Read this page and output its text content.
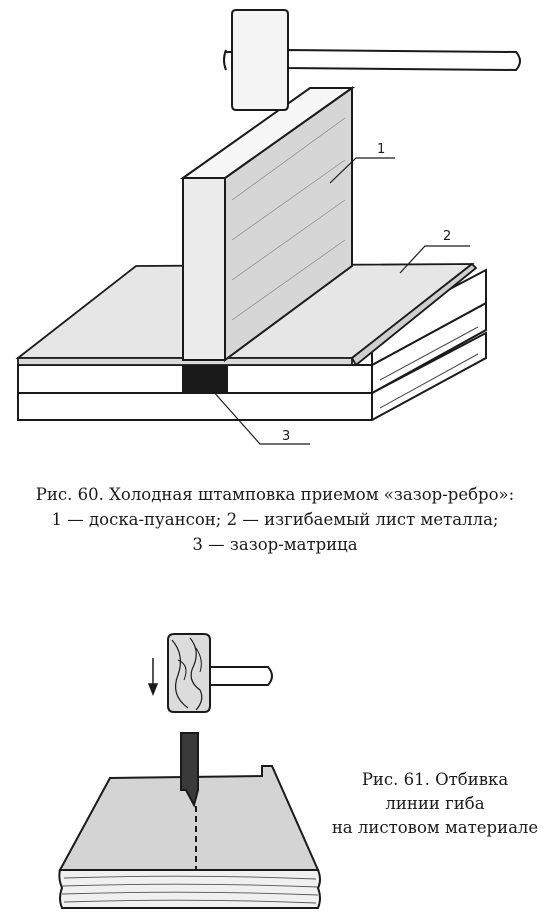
1
2
3
Рис. 60. Холодная штамповка приемом «зазор-ребро»:
1 — доска-пуансон; 2 — изгибаемый лист металла;
3 — зазор-матрица
Рис. 61. Отбивка
линии гиба
на листовом материале
